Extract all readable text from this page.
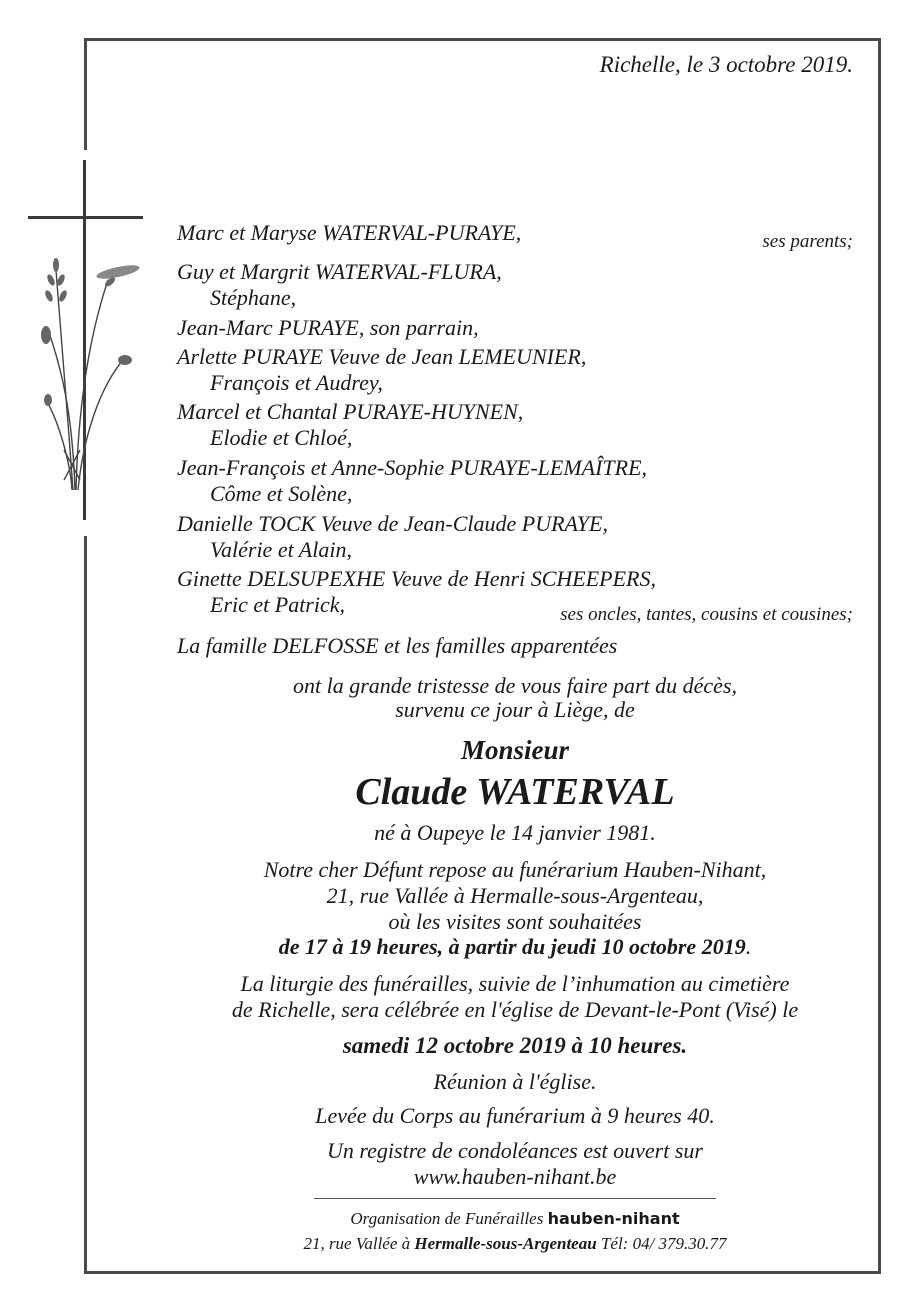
Richelle, le 3 octobre 2019.
Marc et Maryse WATERVAL-PURAYE,	ses parents;
Guy et Margrit WATERVAL-FLURA,
Stéphane,
Jean-Marc PURAYE, son parrain,
Arlette PURAYE Veuve de Jean LEMEUNIER,
François et Audrey,
Marcel et Chantal PURAYE-HUYNEN,
Elodie et Chloé,
Jean-François et Anne-Sophie PURAYE-LEMAÎTRE,
Côme et Solène,
Danielle TOCK Veuve de Jean-Claude PURAYE,
Valérie et Alain,
Ginette DELSUPEXHE Veuve de Henri SCHEEPERS,
Eric et Patrick,	ses oncles, tantes, cousins et cousines;
La famille DELFOSSE et les familles apparentées
ont la grande tristesse de vous faire part du décès,
survenu ce jour à Liège, de
Monsieur
Claude WATERVAL
né à Oupeye le 14 janvier 1981.
Notre cher Défunt repose au funérarium Hauben-Nihant,
21, rue Vallée à Hermalle-sous-Argenteau,
où les visites sont souhaitées
de 17 à 19 heures, à partir du jeudi 10 octobre 2019.
La liturgie des funérailles, suivie de l’inhumation au cimetière
de Richelle, sera célébrée en l'église de Devant-le-Pont (Visé) le
samedi 12 octobre 2019 à 10 heures.
Réunion à l'église.
Levée du Corps au funérarium à 9 heures 40.
Un registre de condoléances est ouvert sur
www.hauben-nihant.be
Organisation de Funérailles hauben-nihant
21, rue Vallée à Hermalle-sous-Argenteau Tél: 04/ 379.30.77
